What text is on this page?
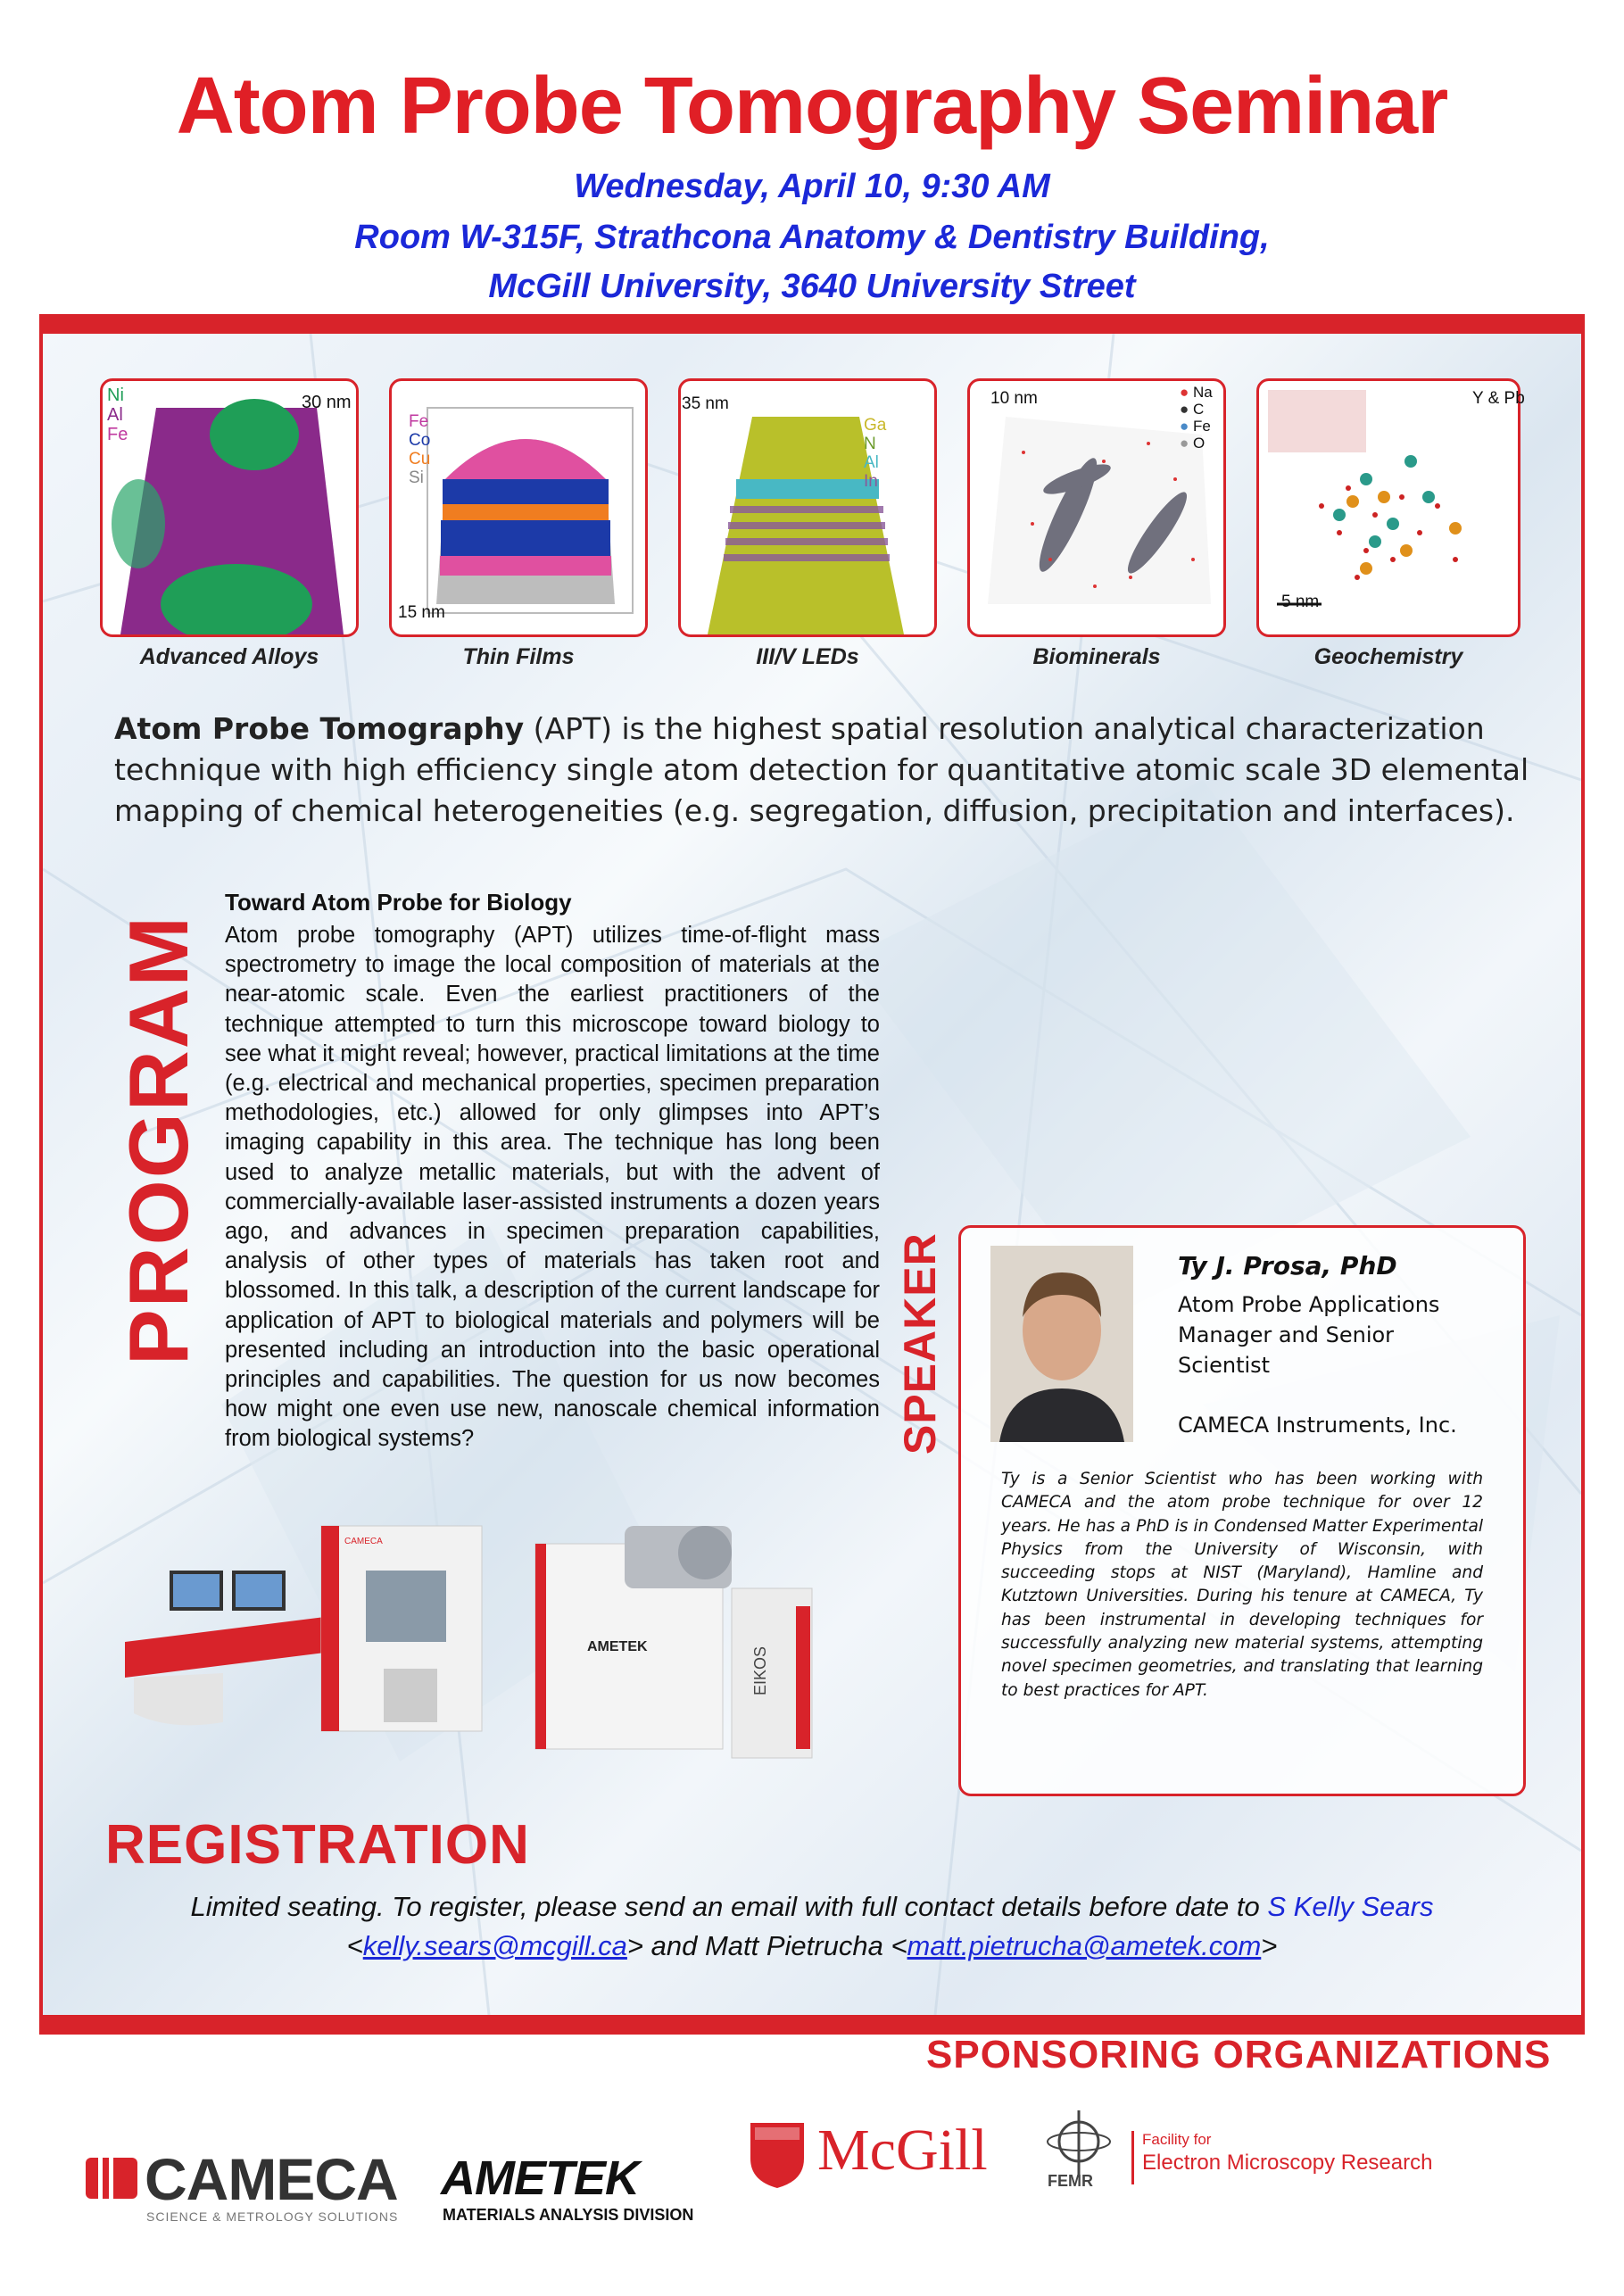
Atom Probe Tomography Seminar
Wednesday, April 10, 9:30 AM
Room W-315F, Strathcona Anatomy & Dentistry Building,
McGill University, 3640 University Street
Ni
Al
Fe
30 nm
Advanced Alloys
Fe
Co
Cu
Si
15 nm
Thin Films
35 nm
Ga
N
Al
In
III/V LEDs
10 nm	● Na
● C
● Fe
● O
Biominerals
Y & Pb
5 nm
Geochemistry
Atom Probe Tomography (APT) is the highest spatial resolution analytical characterization technique with high efficiency single atom detection for quantitative atomic scale 3D elemental mapping of chemical heterogeneities (e.g. segregation, diffusion, precipitation and interfaces).
PROGRAM
Toward Atom Probe for Biology
Atom probe tomography (APT) utilizes time-of-flight mass spectrometry to image the local composition of materials at the near-atomic scale. Even the earliest practitioners of the technique attempted to turn this microscope toward biology to see what it might reveal; however, practical limitations at the time (e.g. electrical and mechanical properties, specimen preparation methodologies, etc.) allowed for only glimpses into APT’s imaging capability in this area. The technique has long been used to analyze metallic materials, but with the advent of commercially-available laser-assisted instruments a dozen years ago, and advances in specimen preparation capabilities, analysis of other types of materials has taken root and blossomed. In this talk, a description of the current landscape for application of APT to biological materials and polymers will be presented including an introduction into the basic operational principles and capabilities. The question for us now becomes how might one even use new, nanoscale chemical information from biological systems?	SPEAKER	Ty J. Prosa, PhD
Atom Probe Applications Manager and Senior Scientist
CAMECA Instruments, Inc.
Ty is a Senior Scientist who has been working with CAMECA and the atom probe technique for over 12 years. He has a PhD is in Condensed Matter Experimental Physics from the University of Wisconsin, with succeeding stops at NIST (Maryland), Hamline and Kutztown Universities. During his tenure at CAMECA, Ty has been instrumental in developing techniques for successfully analyzing new material systems, attempting novel specimen geometries, and translating that learning to best practices for APT.
CAMECA
AMETEK	EIKOS
REGISTRATION
Limited seating. To register, please send an email with full contact details before date to S Kelly Sears
<kelly.sears@mcgill.ca> and Matt Pietrucha <matt.pietrucha@ametek.com>
SPONSORING ORGANIZATIONS
CAMECA
SCIENCE & METROLOGY SOLUTIONS
AMETEK
MATERIALS ANALYSIS DIVISION
McGill	FEMR
Facility for
Electron Microscopy Research
